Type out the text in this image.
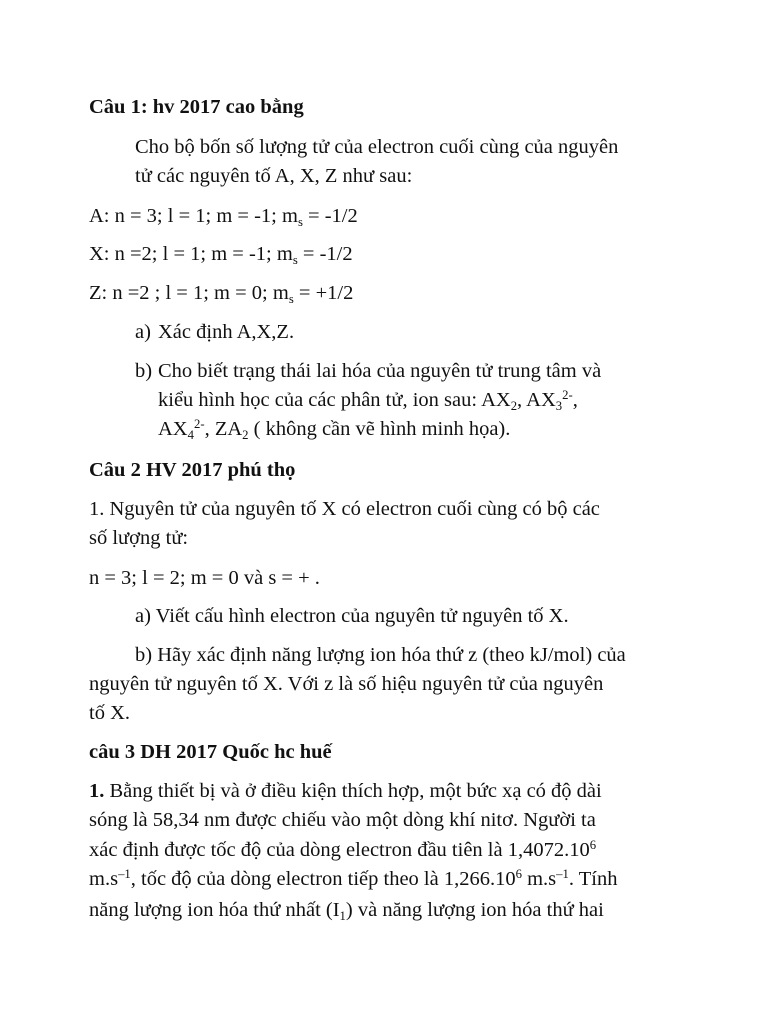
Câu 1: hv 2017 cao bằng
Cho bộ bốn số lượng tử của electron cuối cùng của nguyên
tử các nguyên tố A, X, Z như sau:
A: n = 3; l = 1; m = -1; $m_s = -1/2$
X: n =2; l = 1; m = -1; $m_s = -1/2$
Z: n =2 ; l = 1; m = 0; $m_s = +1/2$
a) Xác định A,X,Z.
b) Cho biết trạng thái lai hóa của nguyên tử trung tâm và
kiểu hình học của các phân tử, ion sau: $AX_2$, $AX_3^{2-}$,
$AX_4^{2-}$, $ZA_2$ ( không cần vẽ hình minh họa).
Câu 2 HV 2017 phú thọ
1. Nguyên tử của nguyên tố X có electron cuối cùng có bộ các
số lượng tử:
n = 3; l = 2; m = 0 và s = + .
a) Viết cấu hình electron của nguyên tử nguyên tố X.
b) Hãy xác định năng lượng ion hóa thứ z (theo kJ/mol) của
nguyên tử nguyên tố X. Với z là số hiệu nguyên tử của nguyên
tố X.
câu 3 DH 2017 Quốc hc huế
1. Bằng thiết bị và ở điều kiện thích hợp, một bức xạ có độ dài
sóng là 58,34 nm được chiếu vào một dòng khí nitơ. Người ta
xác định được tốc độ của dòng electron đầu tiên là 1,4072.10$^6$
$m.s^{-1}$, tốc độ của dòng electron tiếp theo là 1,266.10$^6$ $m.s^{-1}$. Tính
năng lượng ion hóa thứ nhất $(I_1)$ và năng lượng ion hóa thứ hai
